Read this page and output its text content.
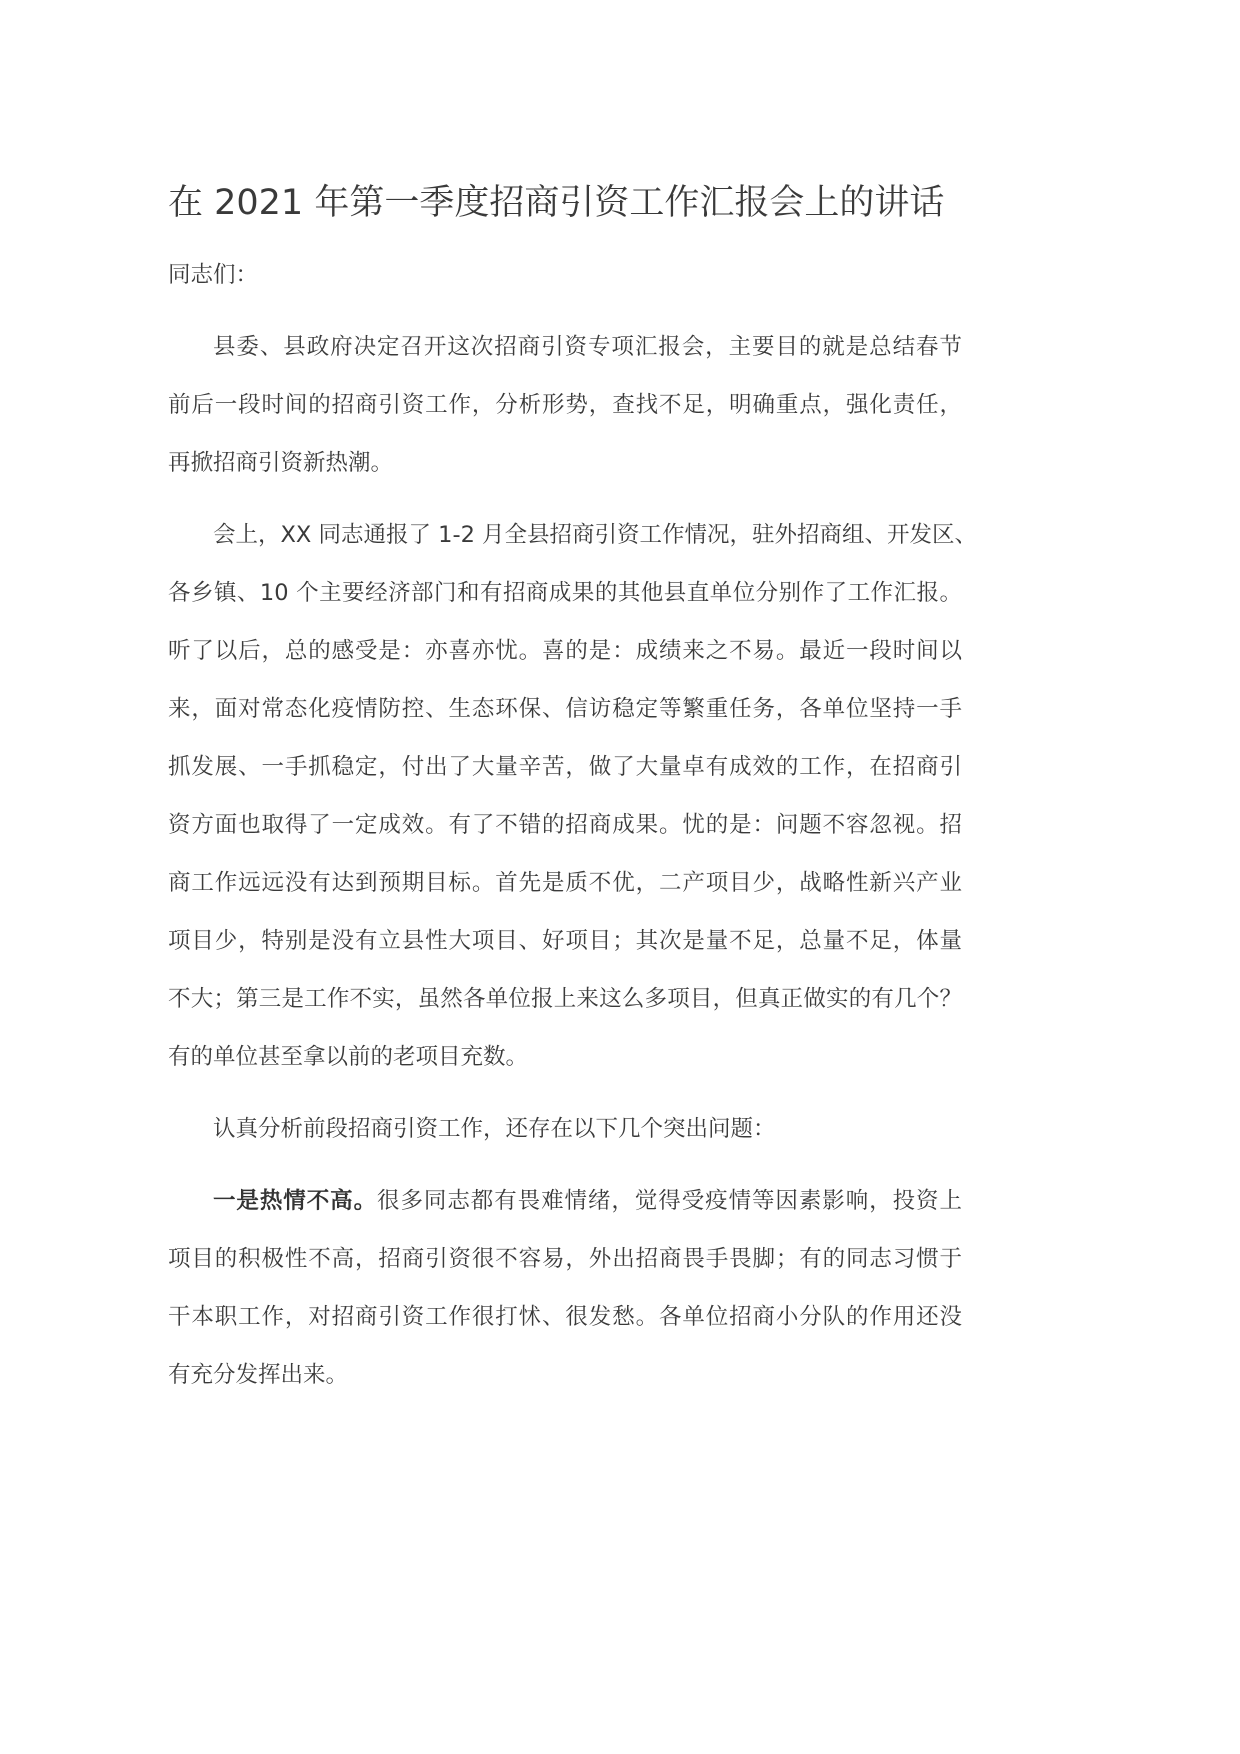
在 2021 年第一季度招商引资工作汇报会上的讲话
同志们：
县委、县政府决定召开这次招商引资专项汇报会，主要目的就是总结春节
前后一段时间的招商引资工作，分析形势，查找不足，明确重点，强化责任，
再掀招商引资新热潮。
会上，XX 同志通报了 1-2 月全县招商引资工作情况，驻外招商组、开发区、
各乡镇、10 个主要经济部门和有招商成果的其他县直单位分别作了工作汇报。
听了以后，总的感受是：亦喜亦忧。喜的是：成绩来之不易。最近一段时间以
来，面对常态化疫情防控、生态环保、信访稳定等繁重任务，各单位坚持一手
抓发展、一手抓稳定，付出了大量辛苦，做了大量卓有成效的工作，在招商引
资方面也取得了一定成效。有了不错的招商成果。忧的是：问题不容忽视。招
商工作远远没有达到预期目标。首先是质不优，二产项目少，战略性新兴产业
项目少，特别是没有立县性大项目、好项目；其次是量不足，总量不足，体量
不大；第三是工作不实，虽然各单位报上来这么多项目，但真正做实的有几个？
有的单位甚至拿以前的老项目充数。
认真分析前段招商引资工作，还存在以下几个突出问题：
一是热情不高。很多同志都有畏难情绪，觉得受疫情等因素影响，投资上
项目的积极性不高，招商引资很不容易，外出招商畏手畏脚；有的同志习惯于
干本职工作，对招商引资工作很打怵、很发愁。各单位招商小分队的作用还没
有充分发挥出来。
